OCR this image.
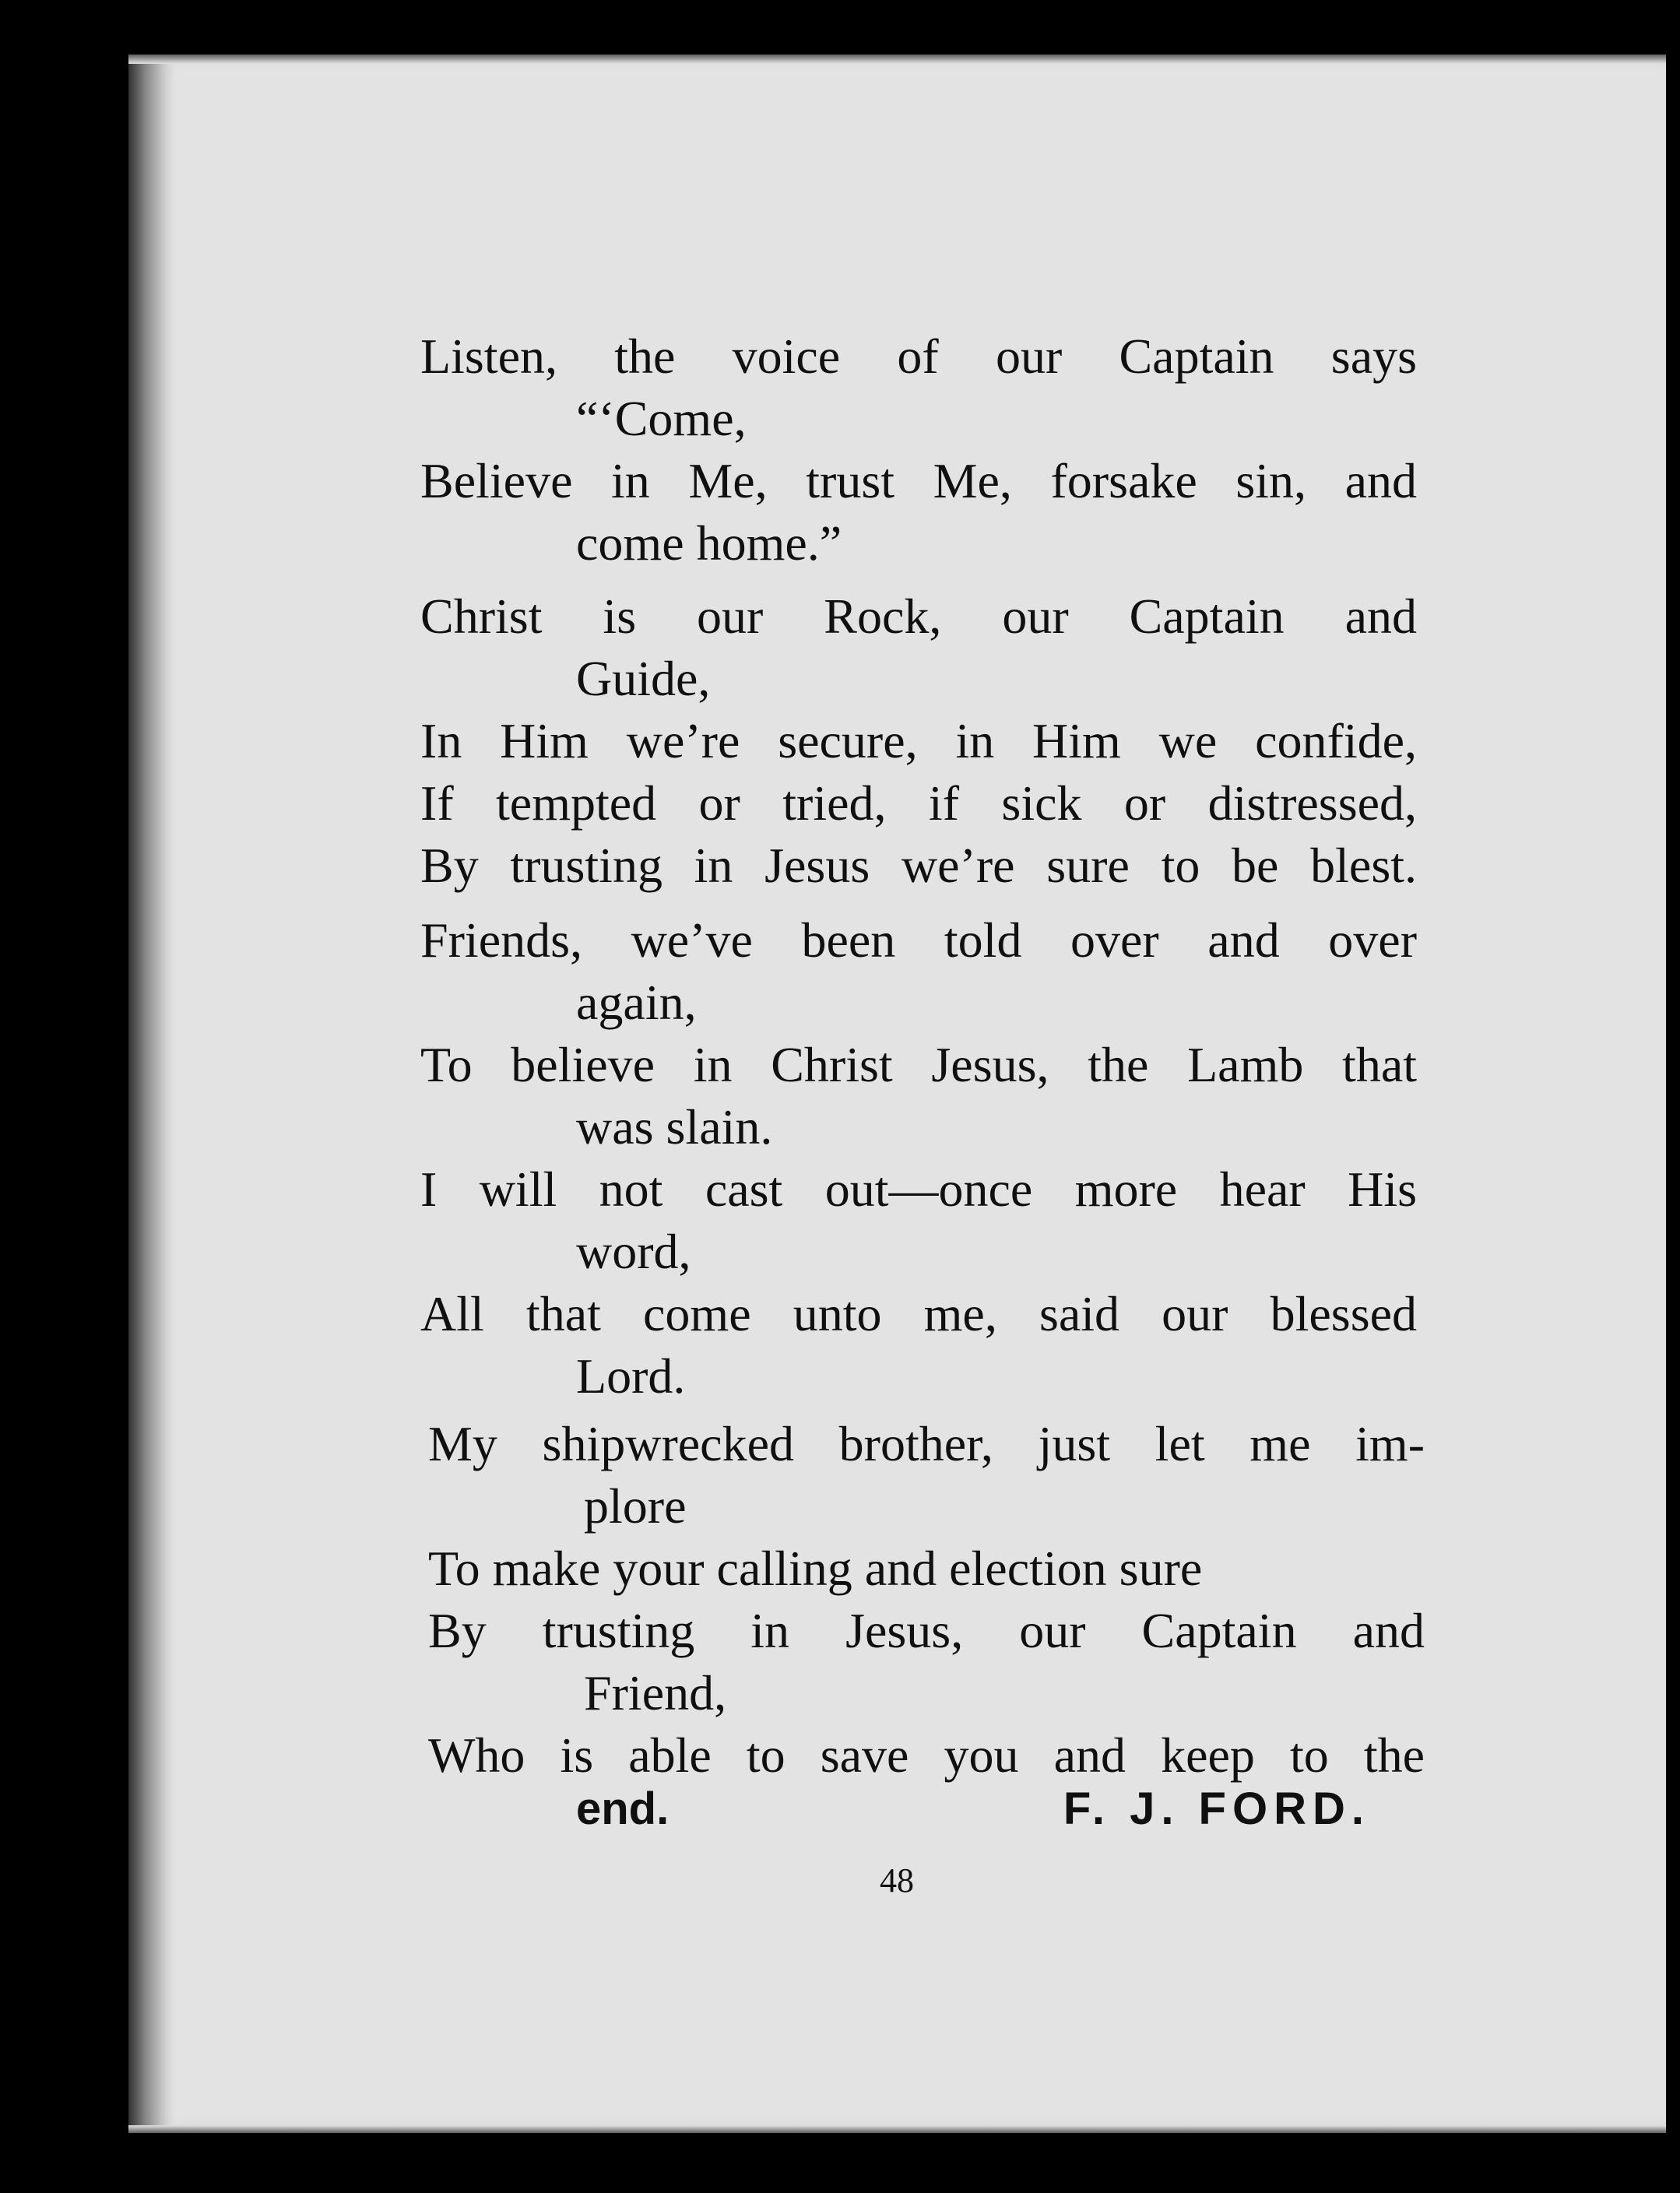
Listen, the voice of our Captain says
“‘Come,
Believe in Me, trust Me, forsake sin, and
come home.”
Christ is our Rock, our Captain and
Guide,
In Him we’re secure, in Him we confide,
If tempted or tried, if sick or distressed,
By trusting in Jesus we’re sure to be blest.
Friends, we’ve been told over and over
again,
To believe in Christ Jesus, the Lamb that
was slain.
I will not cast out—once more hear His
word,
All that come unto me, said our blessed
Lord.
My shipwrecked brother, just let me im-
plore
To make your calling and election sure
By trusting in Jesus, our Captain and
Friend,
Who is able to save you and keep to the
end.	F. J. FORD.
48
